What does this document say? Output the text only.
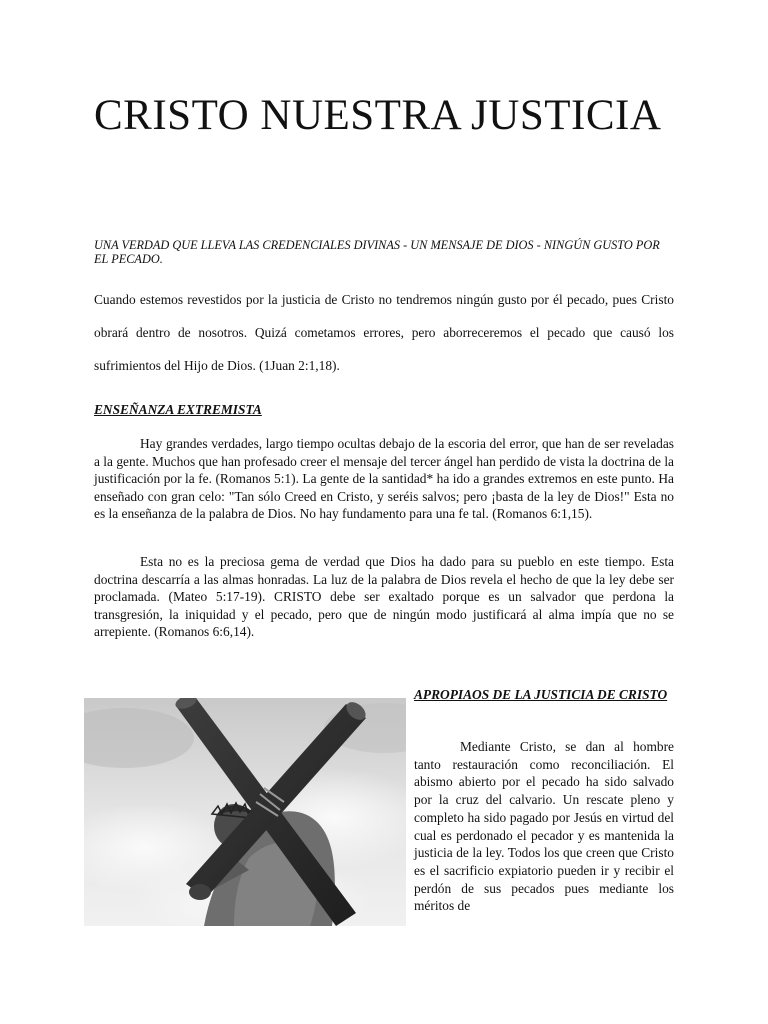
CRISTO NUESTRA JUSTICIA

UNA VERDAD QUE LLEVA LAS CREDENCIALES DIVINAS - UN MENSAJE DE DIOS - NINGÚN GUSTO POR EL PECADO.

Cuando estemos revestidos por la justicia de Cristo no tendremos ningún gusto por él pecado, pues Cristo obrará dentro de nosotros. Quizá cometamos errores, pero aborreceremos el pecado que causó los sufrimientos del Hijo de Dios. (1Juan 2:1,18).

ENSEÑANZA EXTREMISTA

Hay grandes verdades, largo tiempo ocultas debajo de la escoria del error, que han de ser reveladas a la gente. Muchos que han profesado creer el mensaje del tercer ángel han perdido de vista la doctrina de la justificación por la fe. (Romanos 5:1). La gente de la santidad* ha ido a grandes extremos en este punto. Ha enseñado con gran celo: "Tan sólo Creed en Cristo, y seréis salvos; pero ¡basta de la ley de Dios!" Esta no es la enseñanza de la palabra de Dios. No hay fundamento para una fe tal. (Romanos 6:1,15).

Esta no es la preciosa gema de verdad que Dios ha dado para su pueblo en este tiempo. Esta doctrina descarría a las almas honradas. La luz de la palabra de Dios revela el hecho de que la ley debe ser proclamada. (Mateo 5:17-19). CRISTO debe ser exaltado porque es un salvador que perdona la transgresión, la iniquidad y el pecado, pero que de ningún modo justificará al alma impía que no se arrepiente. (Romanos 6:6,14).

APROPIAOS DE LA JUSTICIA DE CRISTO

Mediante Cristo, se dan al hombre tanto restauración como reconciliación. El abismo abierto por el pecado ha sido salvado por la cruz del calvario. Un rescate pleno y completo ha sido pagado por Jesús en virtud del cual es perdonado el pecador y es mantenida la justicia de la ley. Todos los que creen que Cristo es el sacrificio expiatorio pueden ir y recibir el perdón de sus pecados pues mediante los méritos de
